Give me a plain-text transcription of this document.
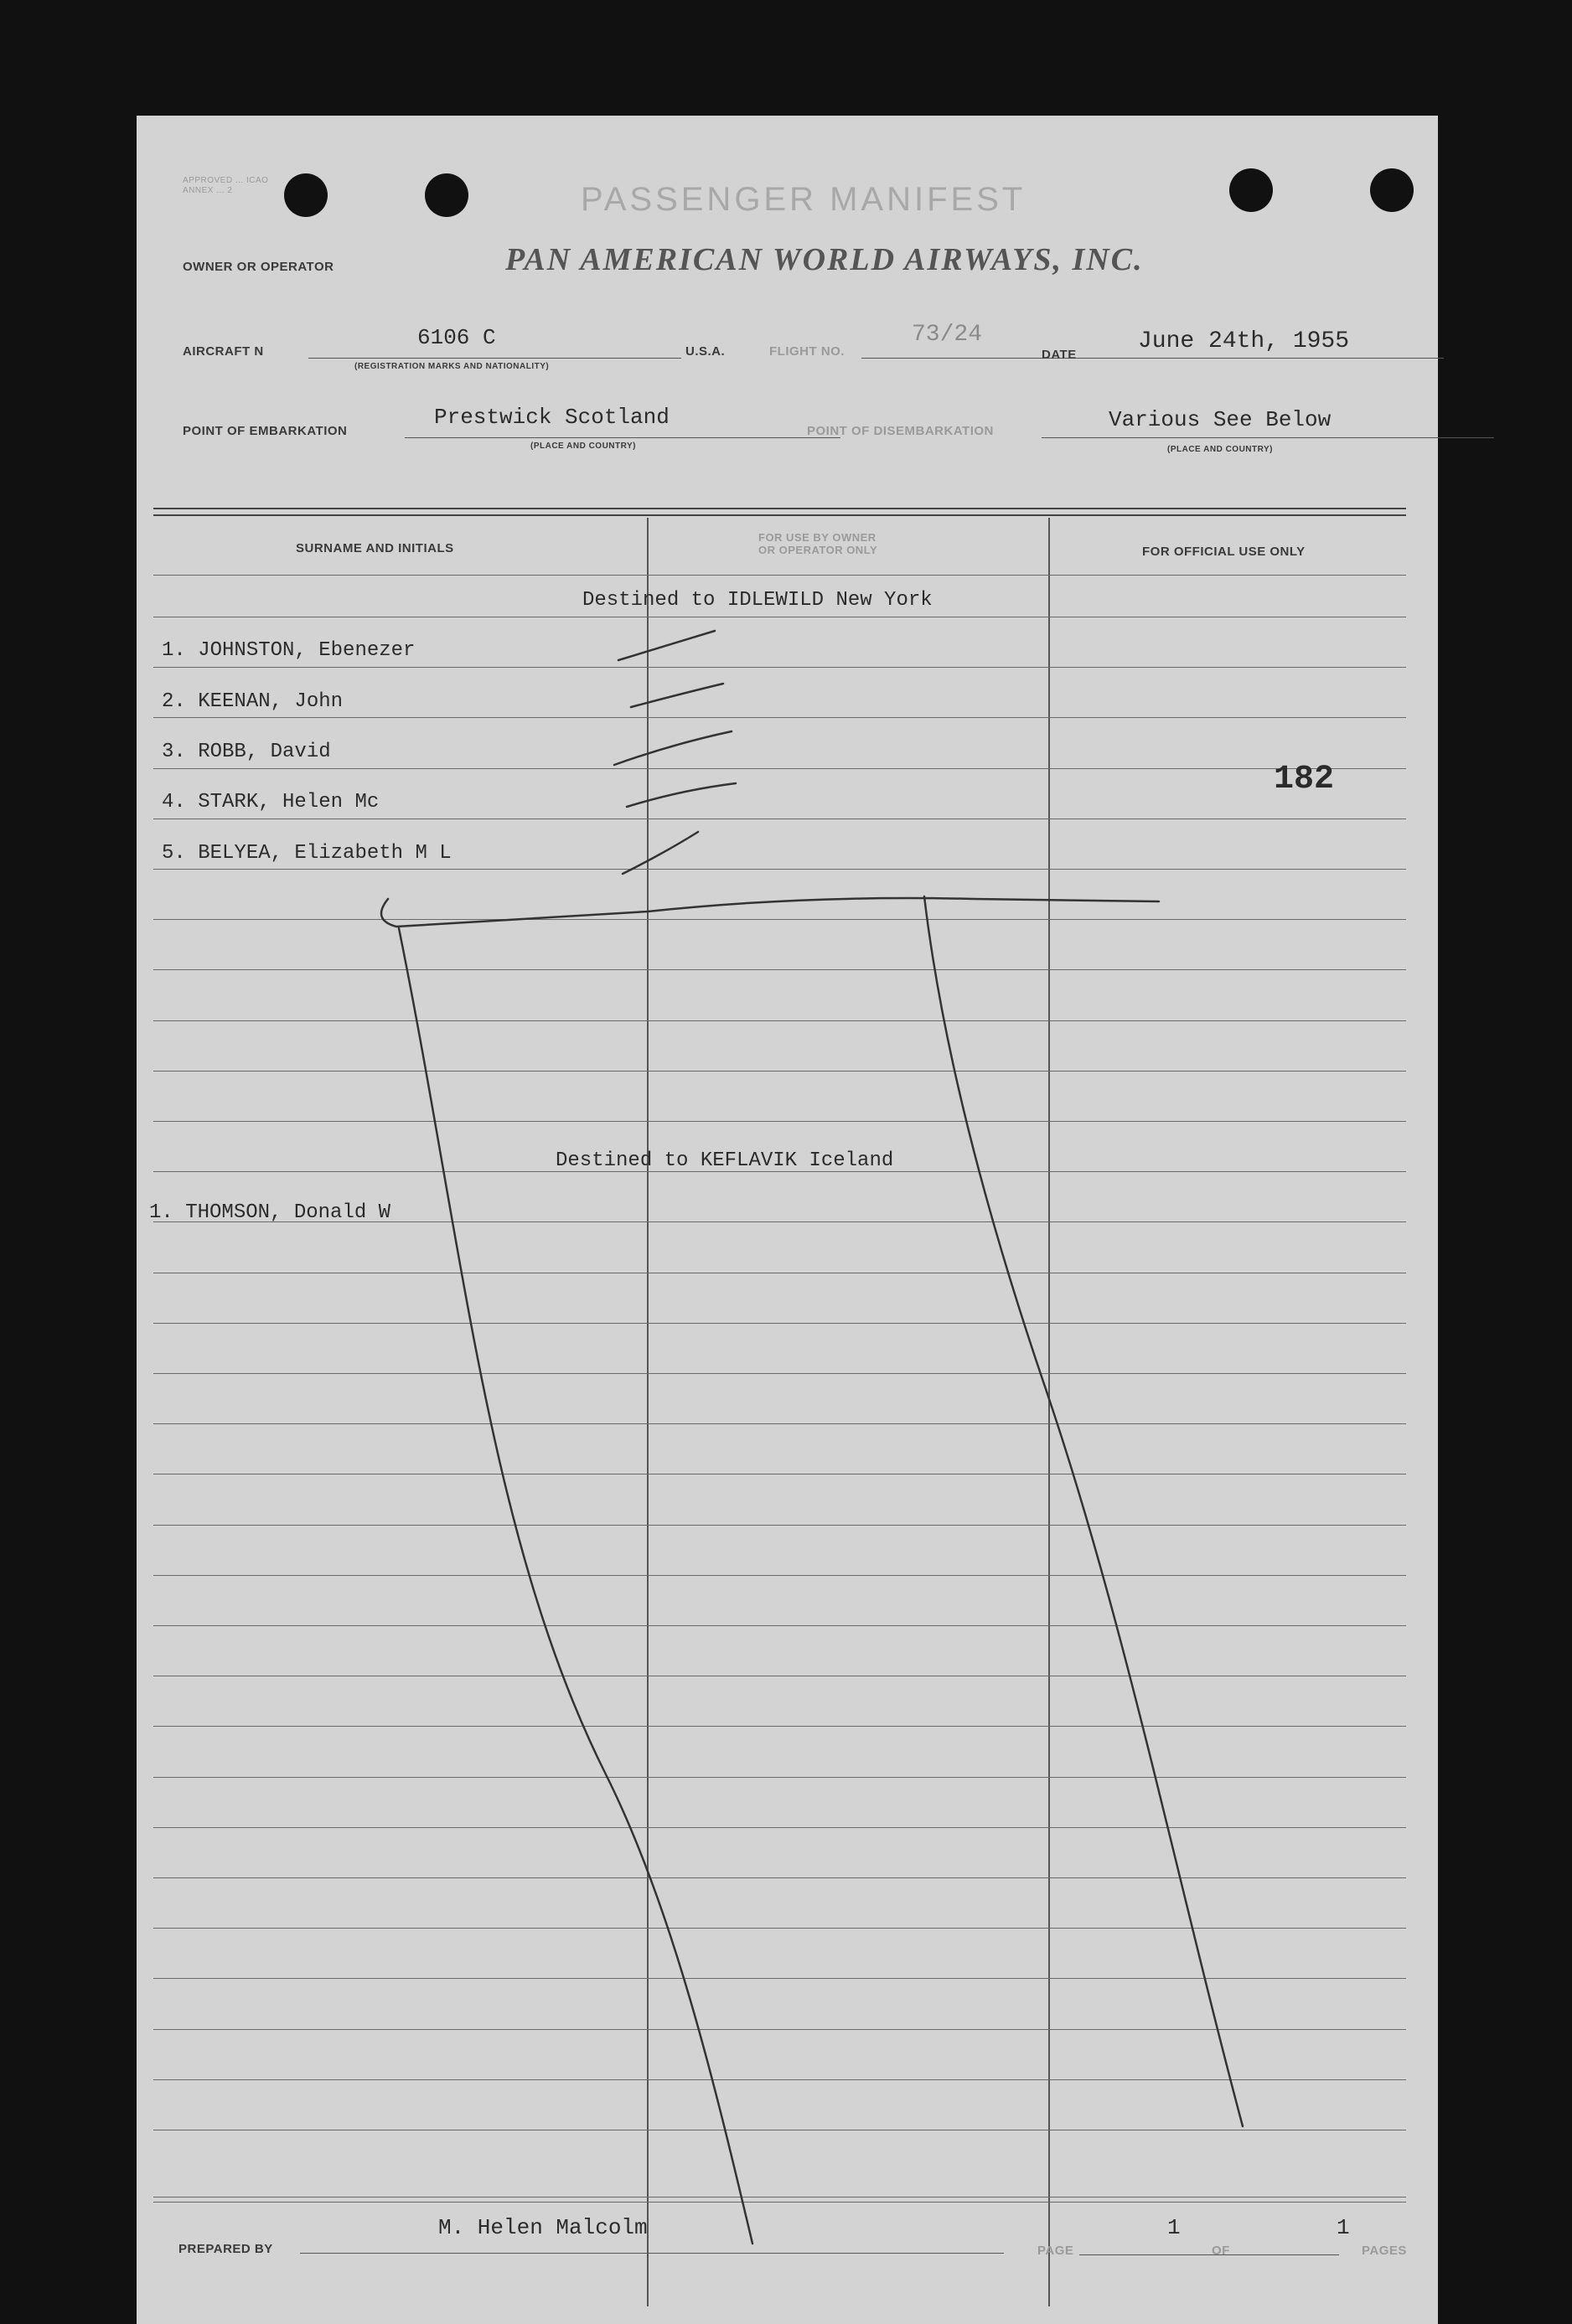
APPROVED ... ICAO ANNEX ... 2	PASSENGER MANIFEST
OWNER OR OPERATOR	PAN AMERICAN WORLD AIRWAYS, INC.
AIRCRAFT N
6106 C
(REGISTRATION MARKS AND NATIONALITY)
U.S.A.	FLIGHT NO.
73/24
DATE
June 24th, 1955
POINT OF EMBARKATION
Prestwick Scotland
(PLACE AND COUNTRY)
POINT OF DISEMBARKATION	Various See Below
(PLACE AND COUNTRY)
SURNAME AND INITIALS
FOR USE BY OWNER
OR OPERATOR ONLY	FOR OFFICIAL USE ONLY
Destined to IDLEWILD New York
1. JOHNSTON, Ebenezer
2. KEENAN, John
3. ROBB, David
4. STARK, Helen Mc
5. BELYEA, Elizabeth M L
182
Destined to KEFLAVIK Iceland
1. THOMSON, Donald W
PREPARED BY
M. Helen Malcolm
PAGE
1
OF
1
PAGES
